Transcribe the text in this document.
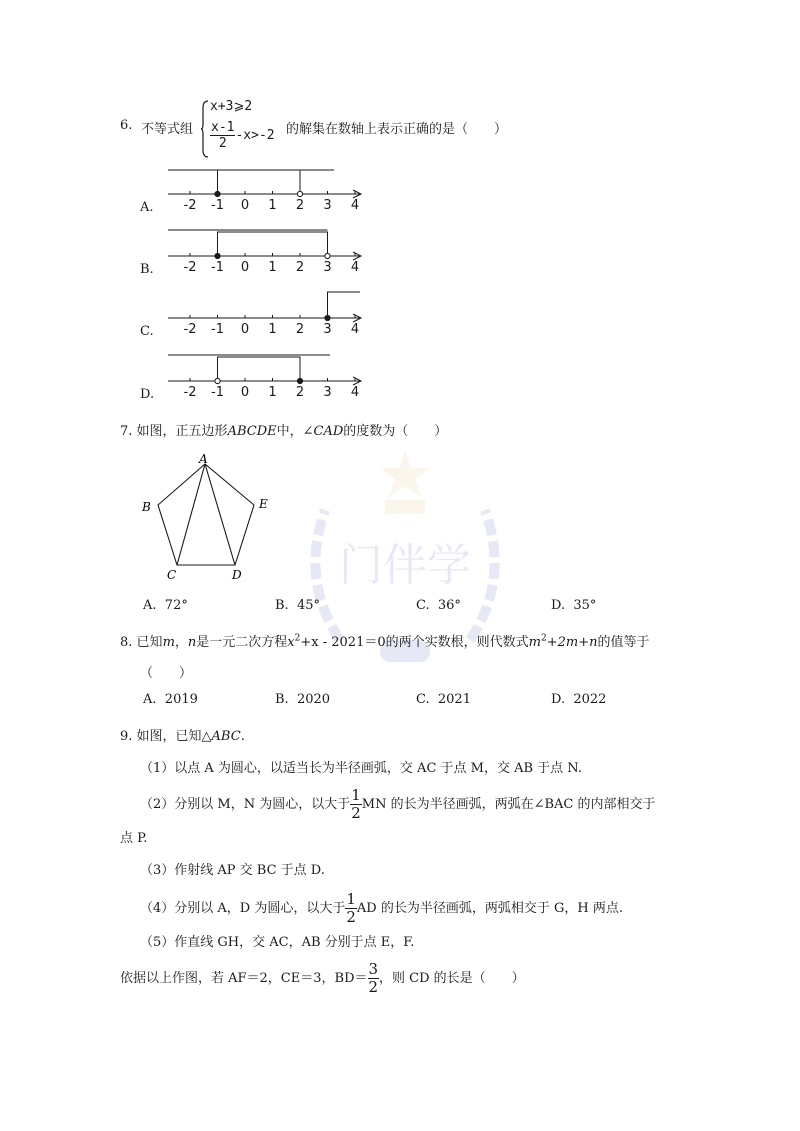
门伴学
6. 不等式组
x+3⩾2
$\frac{x-1}{2} -x>-2$ 的解集在数轴上表示正确的是（　　）
A. -2 -1 0 1 2 3 4
B. -2 -1 0 1 2 3 4
C. -2 -1 0 1 2 3 4
D. -2 -1 0 1 2 3 4
7. 如图，正五边形ABCDE中，∠CAD的度数为（　　）
A
B
C	D
E
A. 72°	B. 45°	C. 36°	D. 35°
8. 已知m，n是一元二次方程$x^2+x - 2021=0$的两个实数根，则代数式$m^2+2m+n$的值等于
（　　）
A. 2019	B. 2020	C. 2021	D. 2022
9. 如图，已知△ABC.
（1）以点 A 为圆心，以适当长为半径画弧，交 AC 于点 M，交 AB 于点 N.
（2）分别以 M，N 为圆心，以大于 $\frac{1}{2}$ MN 的长为半径画弧，两弧在∠BAC 的内部相交于
点 P.
（3）作射线 AP 交 BC 于点 D.
（4）分别以 A，D 为圆心，以大于 $\frac{1}{2}$ AD 的长为半径画弧，两弧相交于 G，H 两点.
（5）作直线 GH，交 AC，AB 分别于点 E，F.
依据以上作图，若 AF＝2，CE＝3，$BD= \frac{3}{2}$ ，则 CD 的长是（　　）
